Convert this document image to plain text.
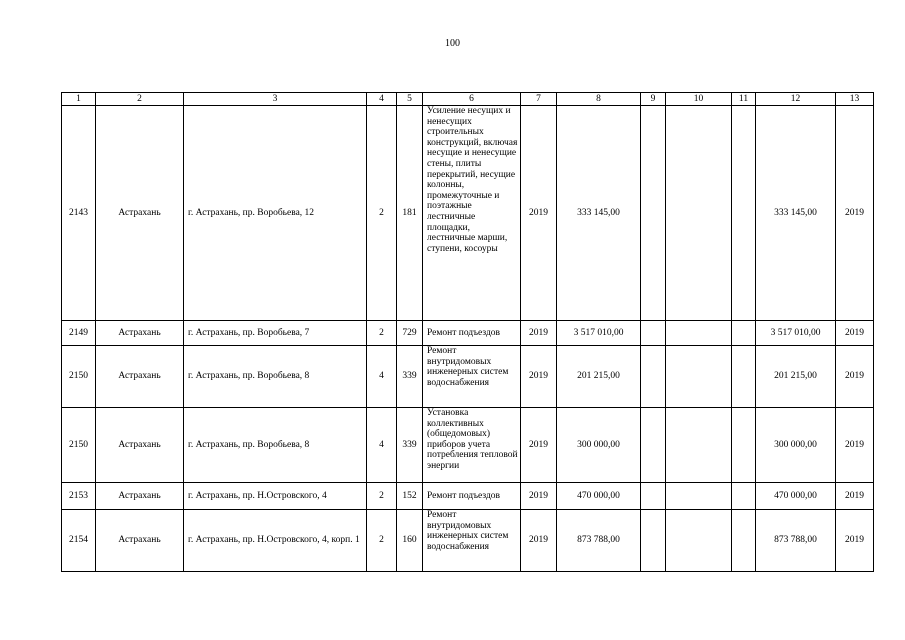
100
1	2	3	4	5	6	7	8	9	10	11	12	13
2143	Астрахань	г. Астрахань, пр. Воробьева, 12	2	181	Усиление несущих и ненесущих строительных конструкций, включая несущие и ненесущие стены, плиты перекрытий, несущие колонны, промежуточные и поэтажные лестничные площадки, лестничные марши, ступени, косоуры	2019	333 145,00				333 145,00	2019
2149	Астрахань	г. Астрахань, пр. Воробьева, 7	2	729	Ремонт подъездов	2019	3 517 010,00				3 517 010,00	2019
2150	Астрахань	г. Астрахань, пр. Воробьева, 8	4	339	Ремонт внутридомовых инженерных систем водоснабжения	2019	201 215,00				201 215,00	2019
2150	Астрахань	г. Астрахань, пр. Воробьева, 8	4	339	Установка коллективных (общедомовых) приборов учета потребления тепловой энергии	2019	300 000,00				300 000,00	2019
2153	Астрахань	г. Астрахань, пр. Н.Островского, 4	2	152	Ремонт подъездов	2019	470 000,00				470 000,00	2019
2154	Астрахань	г. Астрахань, пр. Н.Островского, 4, корп. 1	2	160	Ремонт внутридомовых инженерных систем водоснабжения	2019	873 788,00				873 788,00	2019
